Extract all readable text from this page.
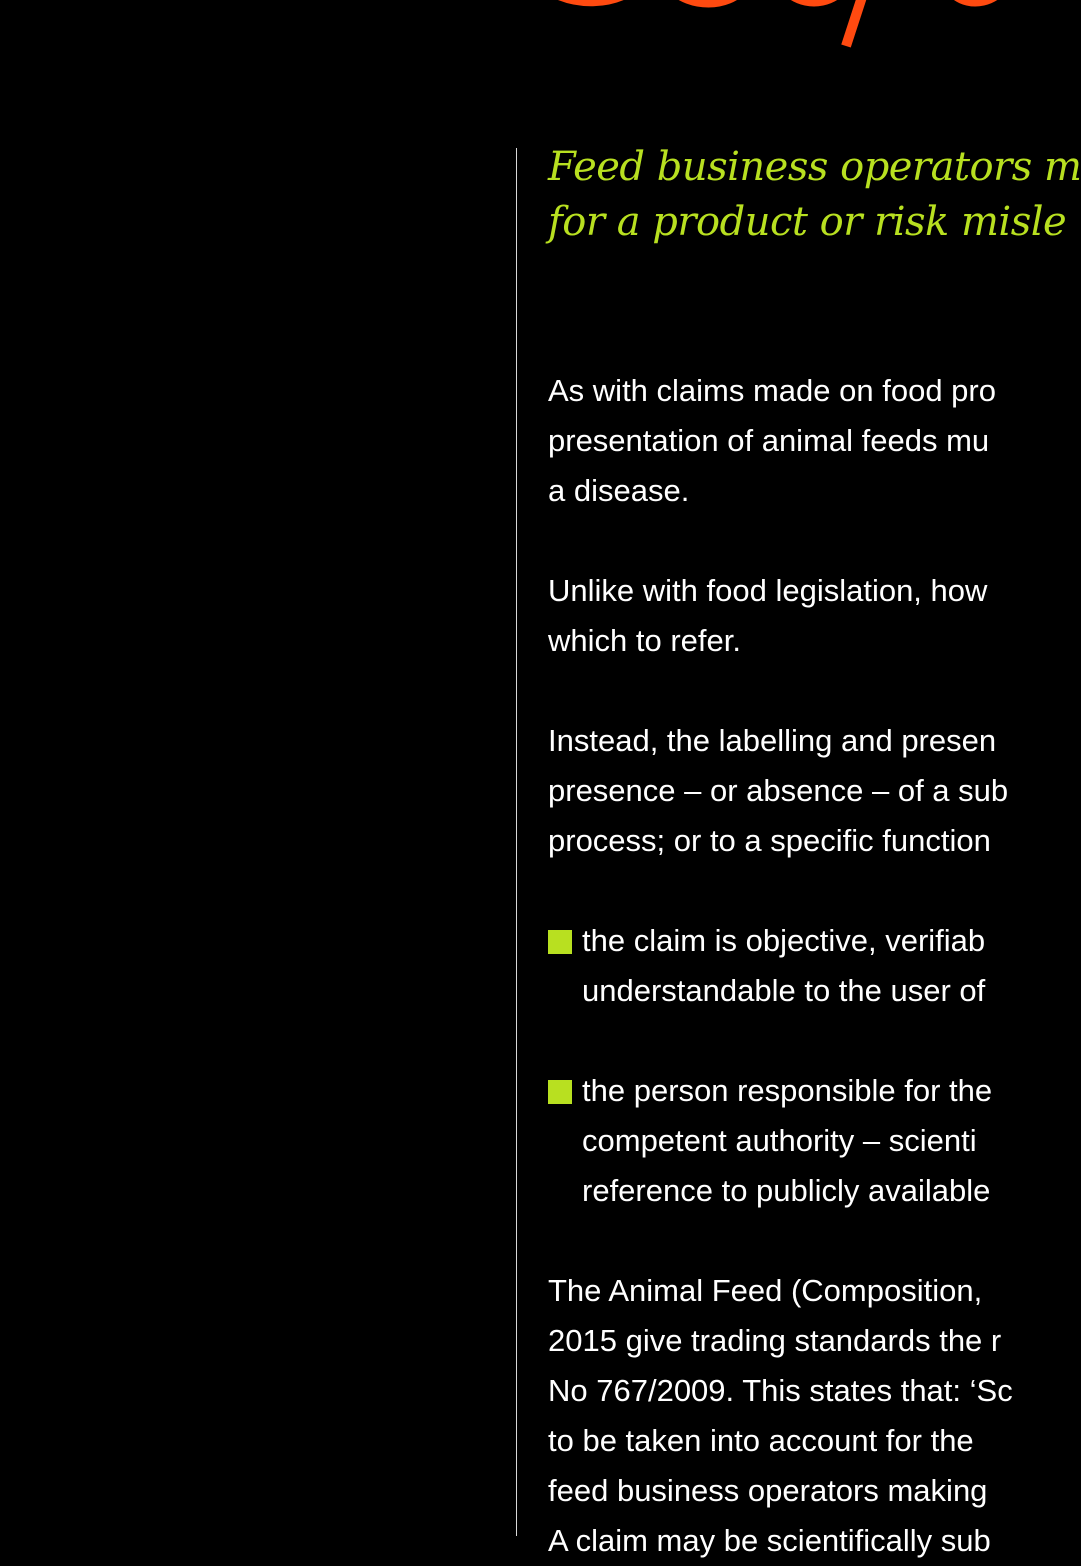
Feed business operators m
for a product or risk misle

As with claims made on food pro
presentation of animal feeds mu
a disease.

Unlike with food legislation, how
which to refer.

Instead, the labelling and presen
presence – or absence – of a sub
process; or to a specific function

the claim is objective, verifiab
understandable to the user of
the person responsible for the
competent authority – scienti
reference to publicly available

The Animal Feed (Composition,
2015 give trading standards the r
No 767/2009. This states that: ‘Sc
to be taken into account for the
feed business operators making
A claim may be scientifically sub
